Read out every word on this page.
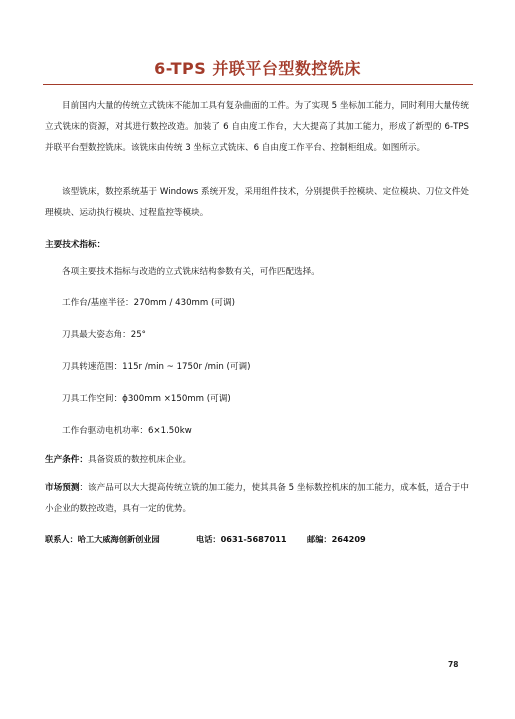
6-TPS 并联平台型数控铣床
目前国内大量的传统立式铣床不能加工具有复杂曲面的工件。为了实现 5 坐标加工能力，同时利用大量传统立式铣床的资源，对其进行数控改造。加装了 6 自由度工作台，大大提高了其加工能力，形成了新型的 6-TPS 并联平台型数控铣床。该铣床由传统 3 坐标立式铣床、6 自由度工作平台、控制柜组成。如图所示。
该型铣床，数控系统基于 Windows 系统开发，采用组件技术，分别提供手控模块、定位模块、刀位文件处理模块、运动执行模块、过程监控等模块。
主要技术指标：
各项主要技术指标与改造的立式铣床结构参数有关，可作匹配选择。
工作台/基座半径：270mm / 430mm (可调)
刀具最大姿态角：25°
刀具转速范围：115r /min ~ 1750r /min (可调)
刀具工作空间：ϕ300mm ×150mm (可调)
工作台驱动电机功率：6×1.50kw
生产条件：具备资质的数控机床企业。
市场预测：该产品可以大大提高传统立铣的加工能力，使其具备 5 坐标数控机床的加工能力，成本低，适合于中小企业的数控改造，具有一定的优势。
联系人：哈工大威海创新创业园	电话：0631-5687011 邮编：264209
78
